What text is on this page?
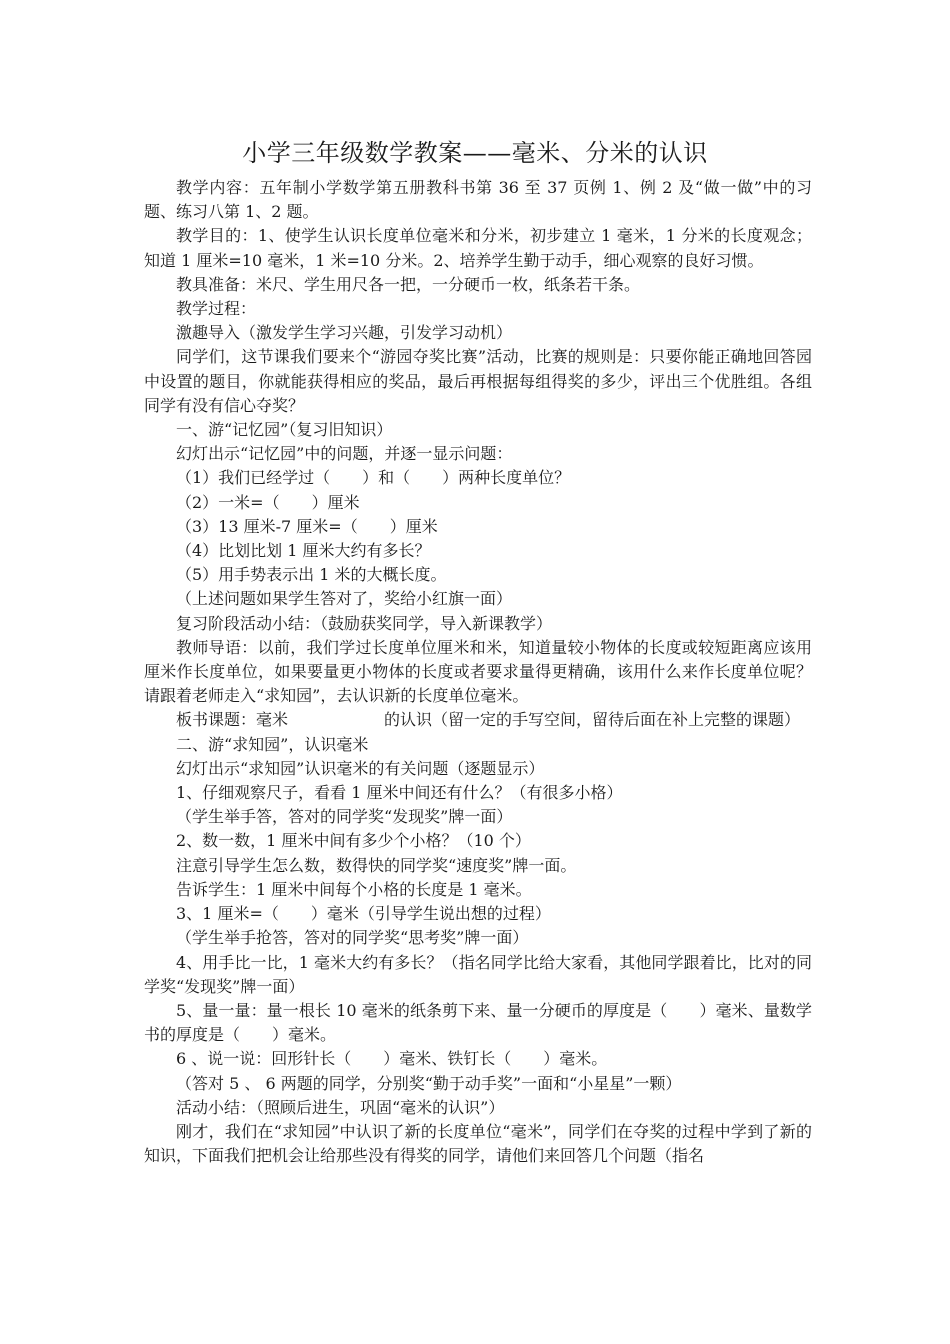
小学三年级数学教案——毫米、分米的认识

教学内容：五年制小学数学第五册教科书第 36 至 37 页例 1、例 2 及“做一做”中的习题、练习八第 1、2 题。

教学目的：1、使学生认识长度单位毫米和分米，初步建立 1 毫米，1 分米的长度观念；知道 1 厘米=10 毫米，1 米=10 分米。2、培养学生勤于动手，细心观察的良好习惯。

教具准备：米尺、学生用尺各一把，一分硬币一枚，纸条若干条。

教学过程：

激趣导入（激发学生学习兴趣，引发学习动机）

同学们，这节课我们要来个“游园夺奖比赛”活动，比赛的规则是：只要你能正确地回答园中设置的题目，你就能获得相应的奖品，最后再根据每组得奖的多少，评出三个优胜组。各组同学有没有信心夺奖？

一、游“记忆园”（复习旧知识）

幻灯出示“记忆园”中的问题，并逐一显示问题：

（1）我们已经学过（　　）和（　　）两种长度单位？

（2）一米=（　　）厘米

（3）13 厘米-7 厘米=（　　）厘米

（4）比划比划 1 厘米大约有多长？

（5）用手势表示出 1 米的大概长度。

（上述问题如果学生答对了，奖给小红旗一面）

复习阶段活动小结：（鼓励获奖同学，导入新课教学）

教师导语：以前，我们学过长度单位厘米和米，知道量较小物体的长度或较短距离应该用厘米作长度单位，如果要量更小物体的长度或者要求量得更精确，该用什么来作长度单位呢？请跟着老师走入“求知园”，去认识新的长度单位毫米。

板书课题：毫米　　　　　　的认识（留一定的手写空间，留待后面在补上完整的课题）

二、游“求知园”，认识毫米

幻灯出示“求知园”认识毫米的有关问题（逐题显示）

1、仔细观察尺子，看看 1 厘米中间还有什么？（有很多小格）

（学生举手答，答对的同学奖“发现奖”牌一面）

2、数一数，1 厘米中间有多少个小格？（10 个）

注意引导学生怎么数，数得快的同学奖“速度奖”牌一面。

告诉学生：1 厘米中间每个小格的长度是 1 毫米。

3、1 厘米=（　　）毫米（引导学生说出想的过程）

（学生举手抢答，答对的同学奖“思考奖”牌一面）

4、用手比一比，1 毫米大约有多长？（指名同学比给大家看，其他同学跟着比，比对的同学奖“发现奖”牌一面）

5、量一量：量一根长 10 毫米的纸条剪下来、量一分硬币的厚度是（　　）毫米、量数学书的厚度是（　　）毫米。

6 、说一说：回形针长（　　）毫米、铁钉长（　　）毫米。

（答对 5 、 6 两题的同学，分别奖“勤于动手奖”一面和“小星星”一颗）

活动小结：（照顾后进生，巩固“毫米的认识”）

刚才，我们在“求知园”中认识了新的长度单位“毫米”，同学们在夺奖的过程中学到了新的知识，下面我们把机会让给那些没有得奖的同学，请他们来回答几个问题（指名
